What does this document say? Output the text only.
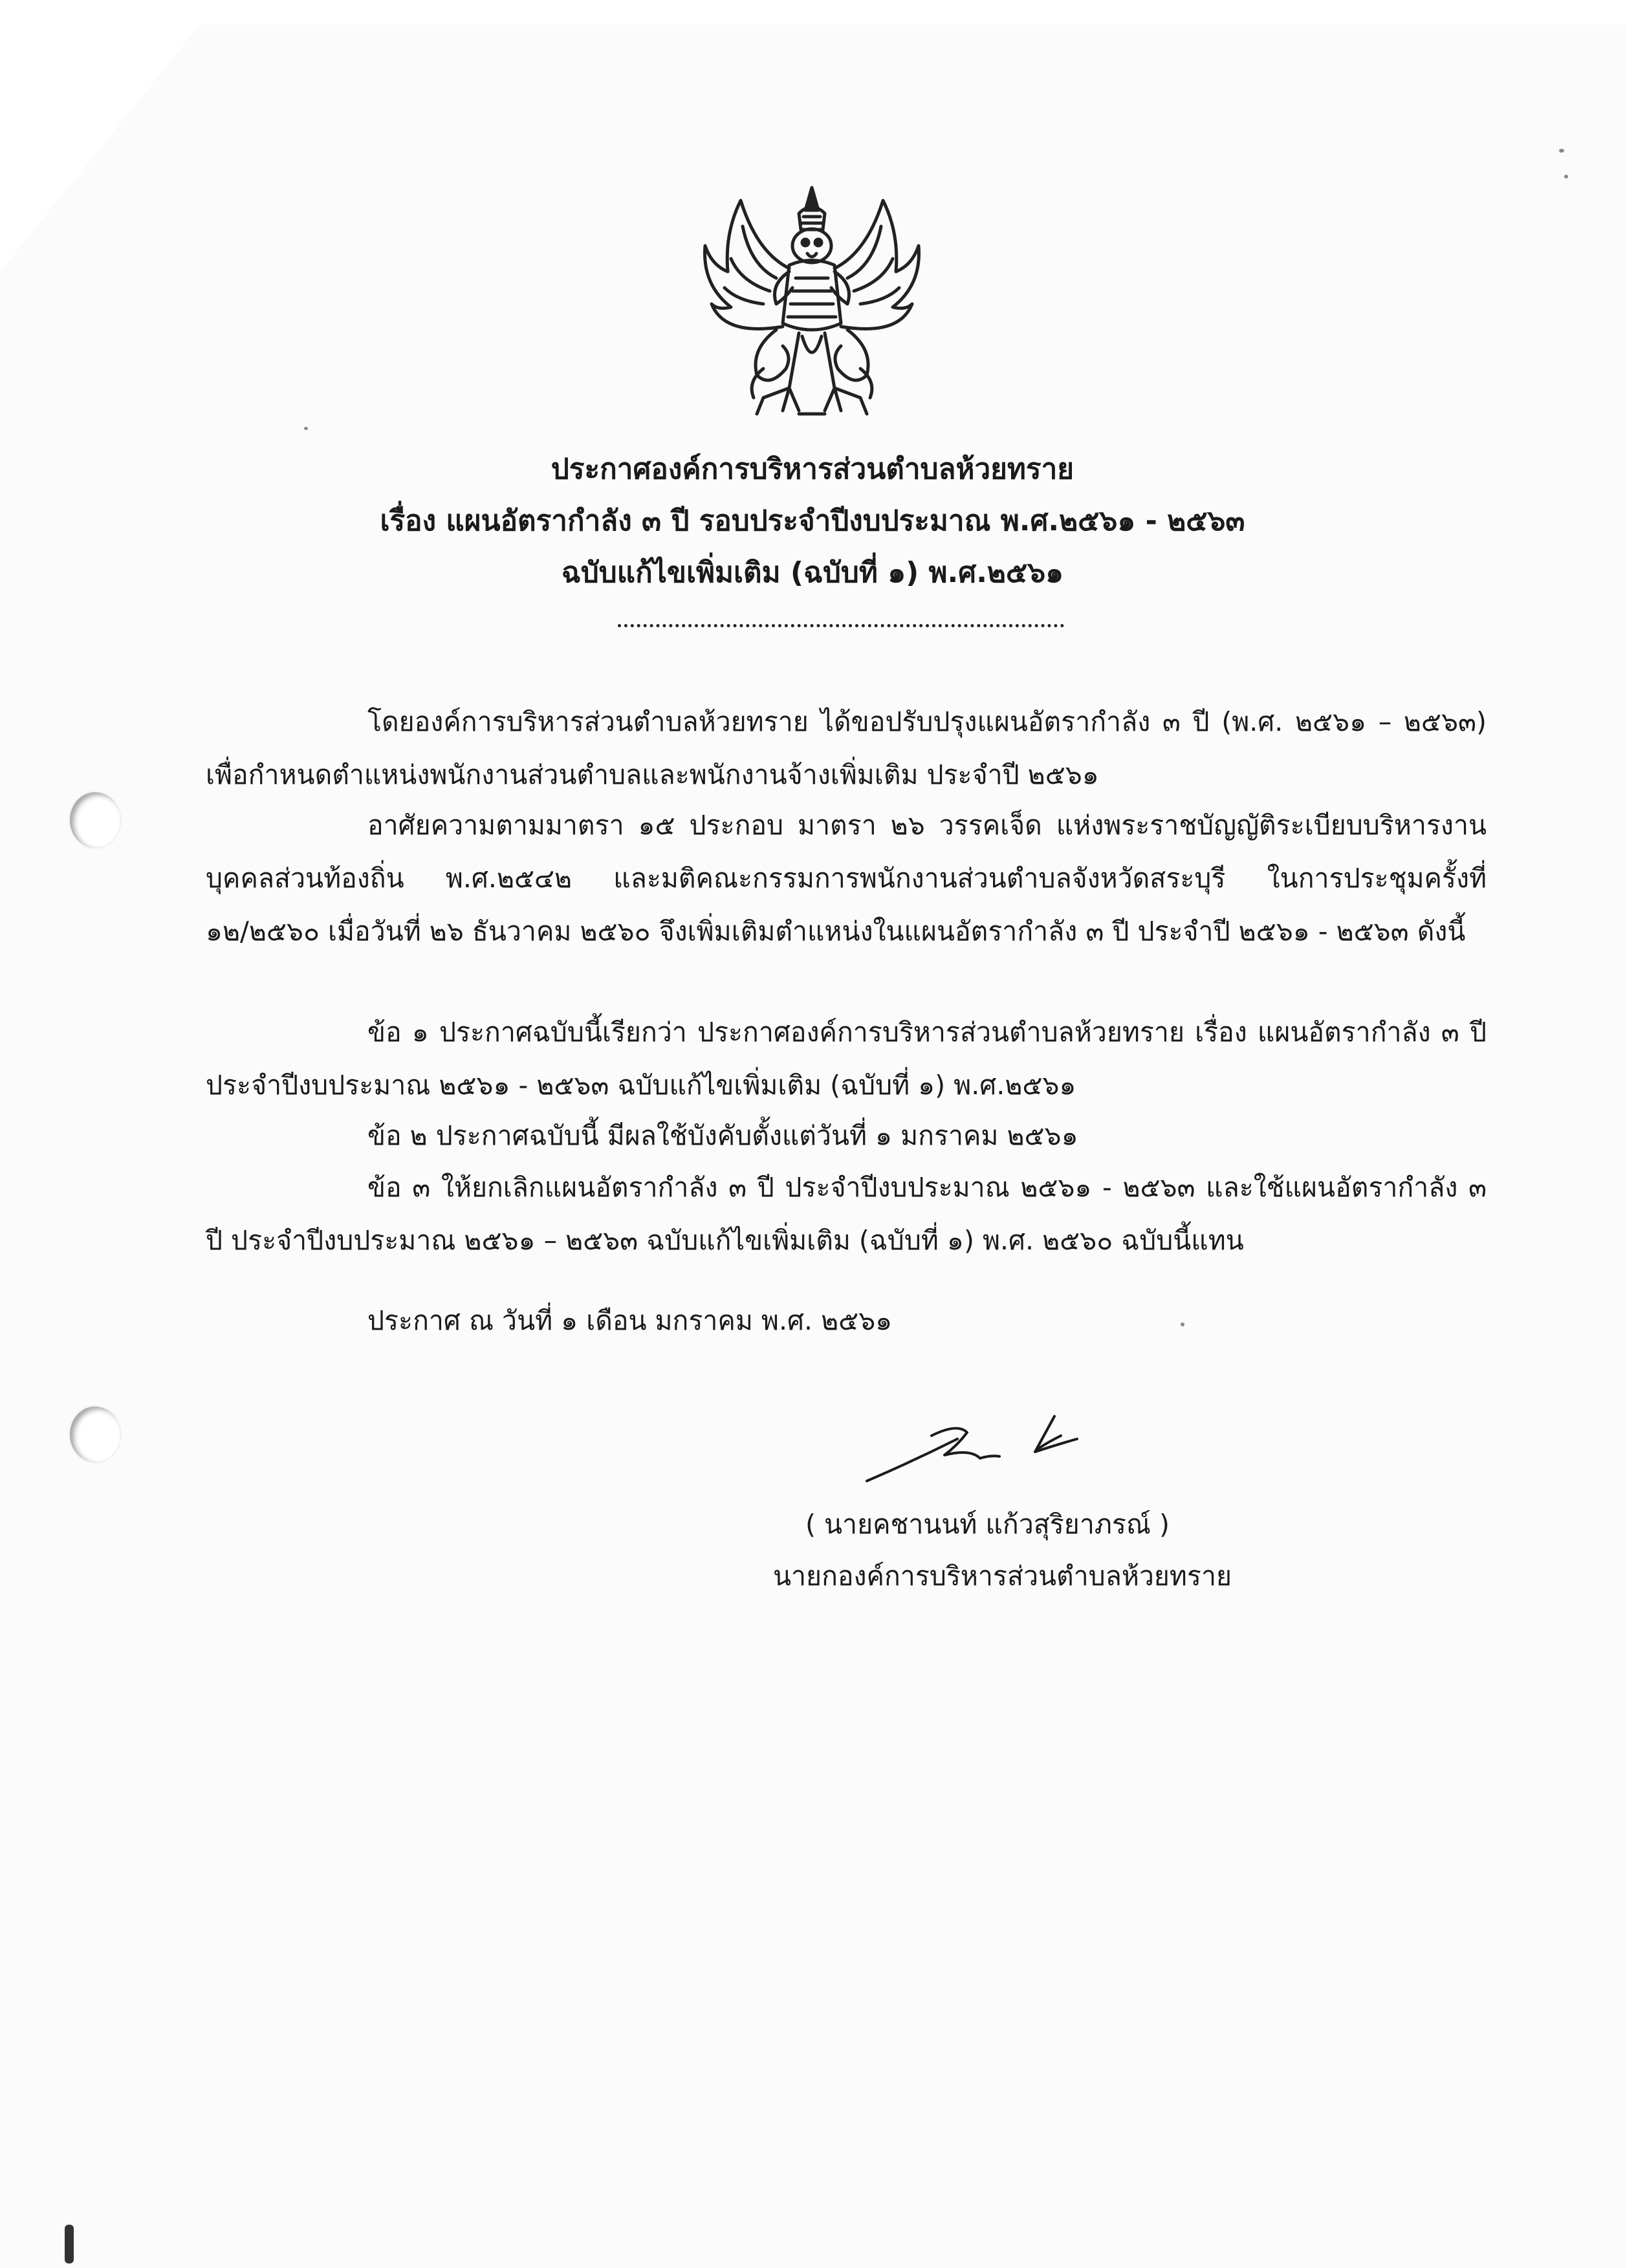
ประกาศองค์การบริหารส่วนตำบลห้วยทราย
เรื่อง แผนอัตรากำลัง ๓ ปี รอบประจำปีงบประมาณ พ.ศ.๒๕๖๑ - ๒๕๖๓
ฉบับแก้ไขเพิ่มเติม (ฉบับที่ ๑) พ.ศ.๒๕๖๑
โดยองค์การบริหารส่วนตำบลห้วยทราย ได้ขอปรับปรุงแผนอัตรากำลัง ๓ ปี (พ.ศ. ๒๕๖๑ – ๒๕๖๓) เพื่อกำหนดตำแหน่งพนักงานส่วนตำบลและพนักงานจ้างเพิ่มเติม ประจำปี ๒๕๖๑
อาศัยความตามมาตรา ๑๕ ประกอบ มาตรา ๒๖ วรรคเจ็ด แห่งพระราชบัญญัติระเบียบบริหารงานบุคคลส่วนท้องถิ่น พ.ศ.๒๕๔๒ และมติคณะกรรมการพนักงานส่วนตำบลจังหวัดสระบุรี ในการประชุมครั้งที่ ๑๒/๒๕๖๐ เมื่อวันที่ ๒๖ ธันวาคม ๒๕๖๐ จึงเพิ่มเติมตำแหน่งในแผนอัตรากำลัง ๓ ปี ประจำปี ๒๕๖๑ - ๒๕๖๓ ดังนี้
ข้อ ๑ ประกาศฉบับนี้เรียกว่า ประกาศองค์การบริหารส่วนตำบลห้วยทราย เรื่อง แผนอัตรากำลัง ๓ ปี ประจำปีงบประมาณ ๒๕๖๑ - ๒๕๖๓ ฉบับแก้ไขเพิ่มเติม (ฉบับที่ ๑) พ.ศ.๒๕๖๑
ข้อ ๒ ประกาศฉบับนี้ มีผลใช้บังคับตั้งแต่วันที่ ๑ มกราคม ๒๕๖๑
ข้อ ๓ ให้ยกเลิกแผนอัตรากำลัง ๓ ปี ประจำปีงบประมาณ ๒๕๖๑ - ๒๕๖๓ และใช้แผนอัตรากำลัง ๓ ปี ประจำปีงบประมาณ ๒๕๖๑ – ๒๕๖๓ ฉบับแก้ไขเพิ่มเติม (ฉบับที่ ๑) พ.ศ. ๒๕๖๐ ฉบับนี้แทน
ประกาศ ณ วันที่ ๑ เดือน มกราคม พ.ศ. ๒๕๖๑
( นายคชานนท์ แก้วสุริยาภรณ์ )
นายกองค์การบริหารส่วนตำบลห้วยทราย
